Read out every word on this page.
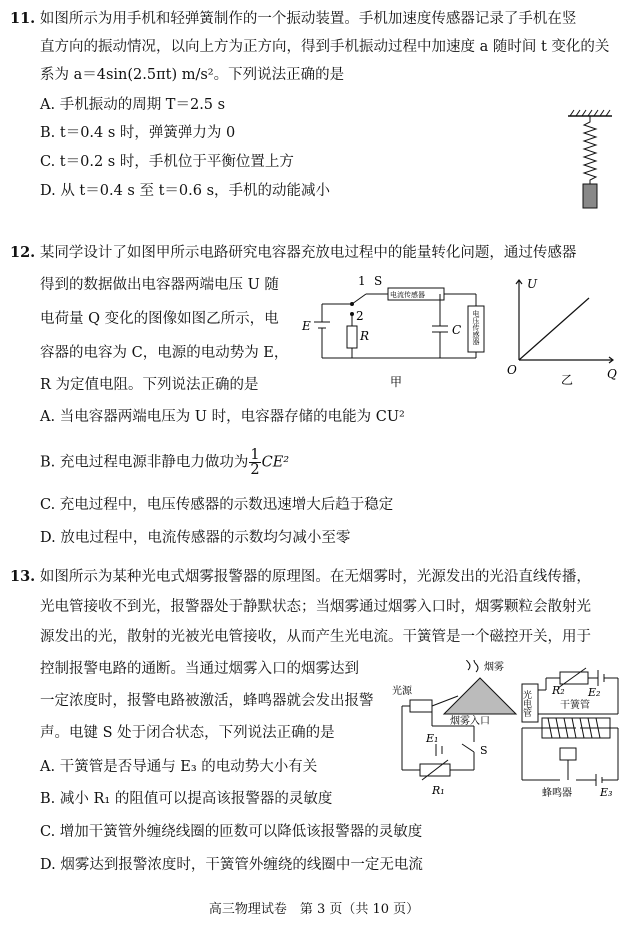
11. 如图所示为用手机和轻弹簧制作的一个振动装置。手机加速度传感器记录了手机在竖
直方向的振动情况，以向上方为正方向，得到手机振动过程中加速度 a 随时间 t 变化的关
系为 a＝4sin(2.5πt) m/s²。下列说法正确的是
A. 手机振动的周期 T＝2.5 s
B. t＝0.4 s 时，弹簧弹力为 0
C. t＝0.2 s 时，手机位于平衡位置上方
D. 从 t＝0.4 s 至 t＝0.6 s，手机的动能减小
12. 某同学设计了如图甲所示电路研究电容器充放电过程中的能量转化问题，通过传感器
得到的数据做出电容器两端电压 U 随
电荷量 Q 变化的图像如图乙所示，电
容器的电容为 C，电源的电动势为 E，
R 为定值电阻。下列说法正确的是
1 S
2
E
R	C
电流传感器
电压传感器
甲
U
Q
O
乙
A. 当电容器两端电压为 U 时，电容器存储的电能为 CU²
B. 充电过程电源非静电力做功为 $\frac{1}{2} CE^2$
C. 充电过程中，电压传感器的示数迅速增大后趋于稳定
D. 放电过程中，电流传感器的示数均匀减小至零
13. 如图所示为某种光电式烟雾报警器的原理图。在无烟雾时，光源发出的光沿直线传播，
光电管接收不到光，报警器处于静默状态；当烟雾通过烟雾入口时，烟雾颗粒会散射光
源发出的光，散射的光被光电管接收，从而产生光电流。干簧管是一个磁控开关，用于
控制报警电路的通断。当通过烟雾入口的烟雾达到
一定浓度时，报警电路被激活，蜂鸣器就会发出报警
声。电键 S 处于闭合状态，下列说法正确的是
烟雾
光源
烟雾入口
光电管	干簧管
蜂鸣器
R₁
R₂
E₁
E₂
E₃
S
A. 干簧管是否导通与 E₃ 的电动势大小有关
B. 减小 R₁ 的阻值可以提高该报警器的灵敏度
C. 增加干簧管外缠绕线圈的匝数可以降低该报警器的灵敏度
D. 烟雾达到报警浓度时，干簧管外缠绕的线圈中一定无电流
高三物理试卷　第 3 页（共 10 页）
